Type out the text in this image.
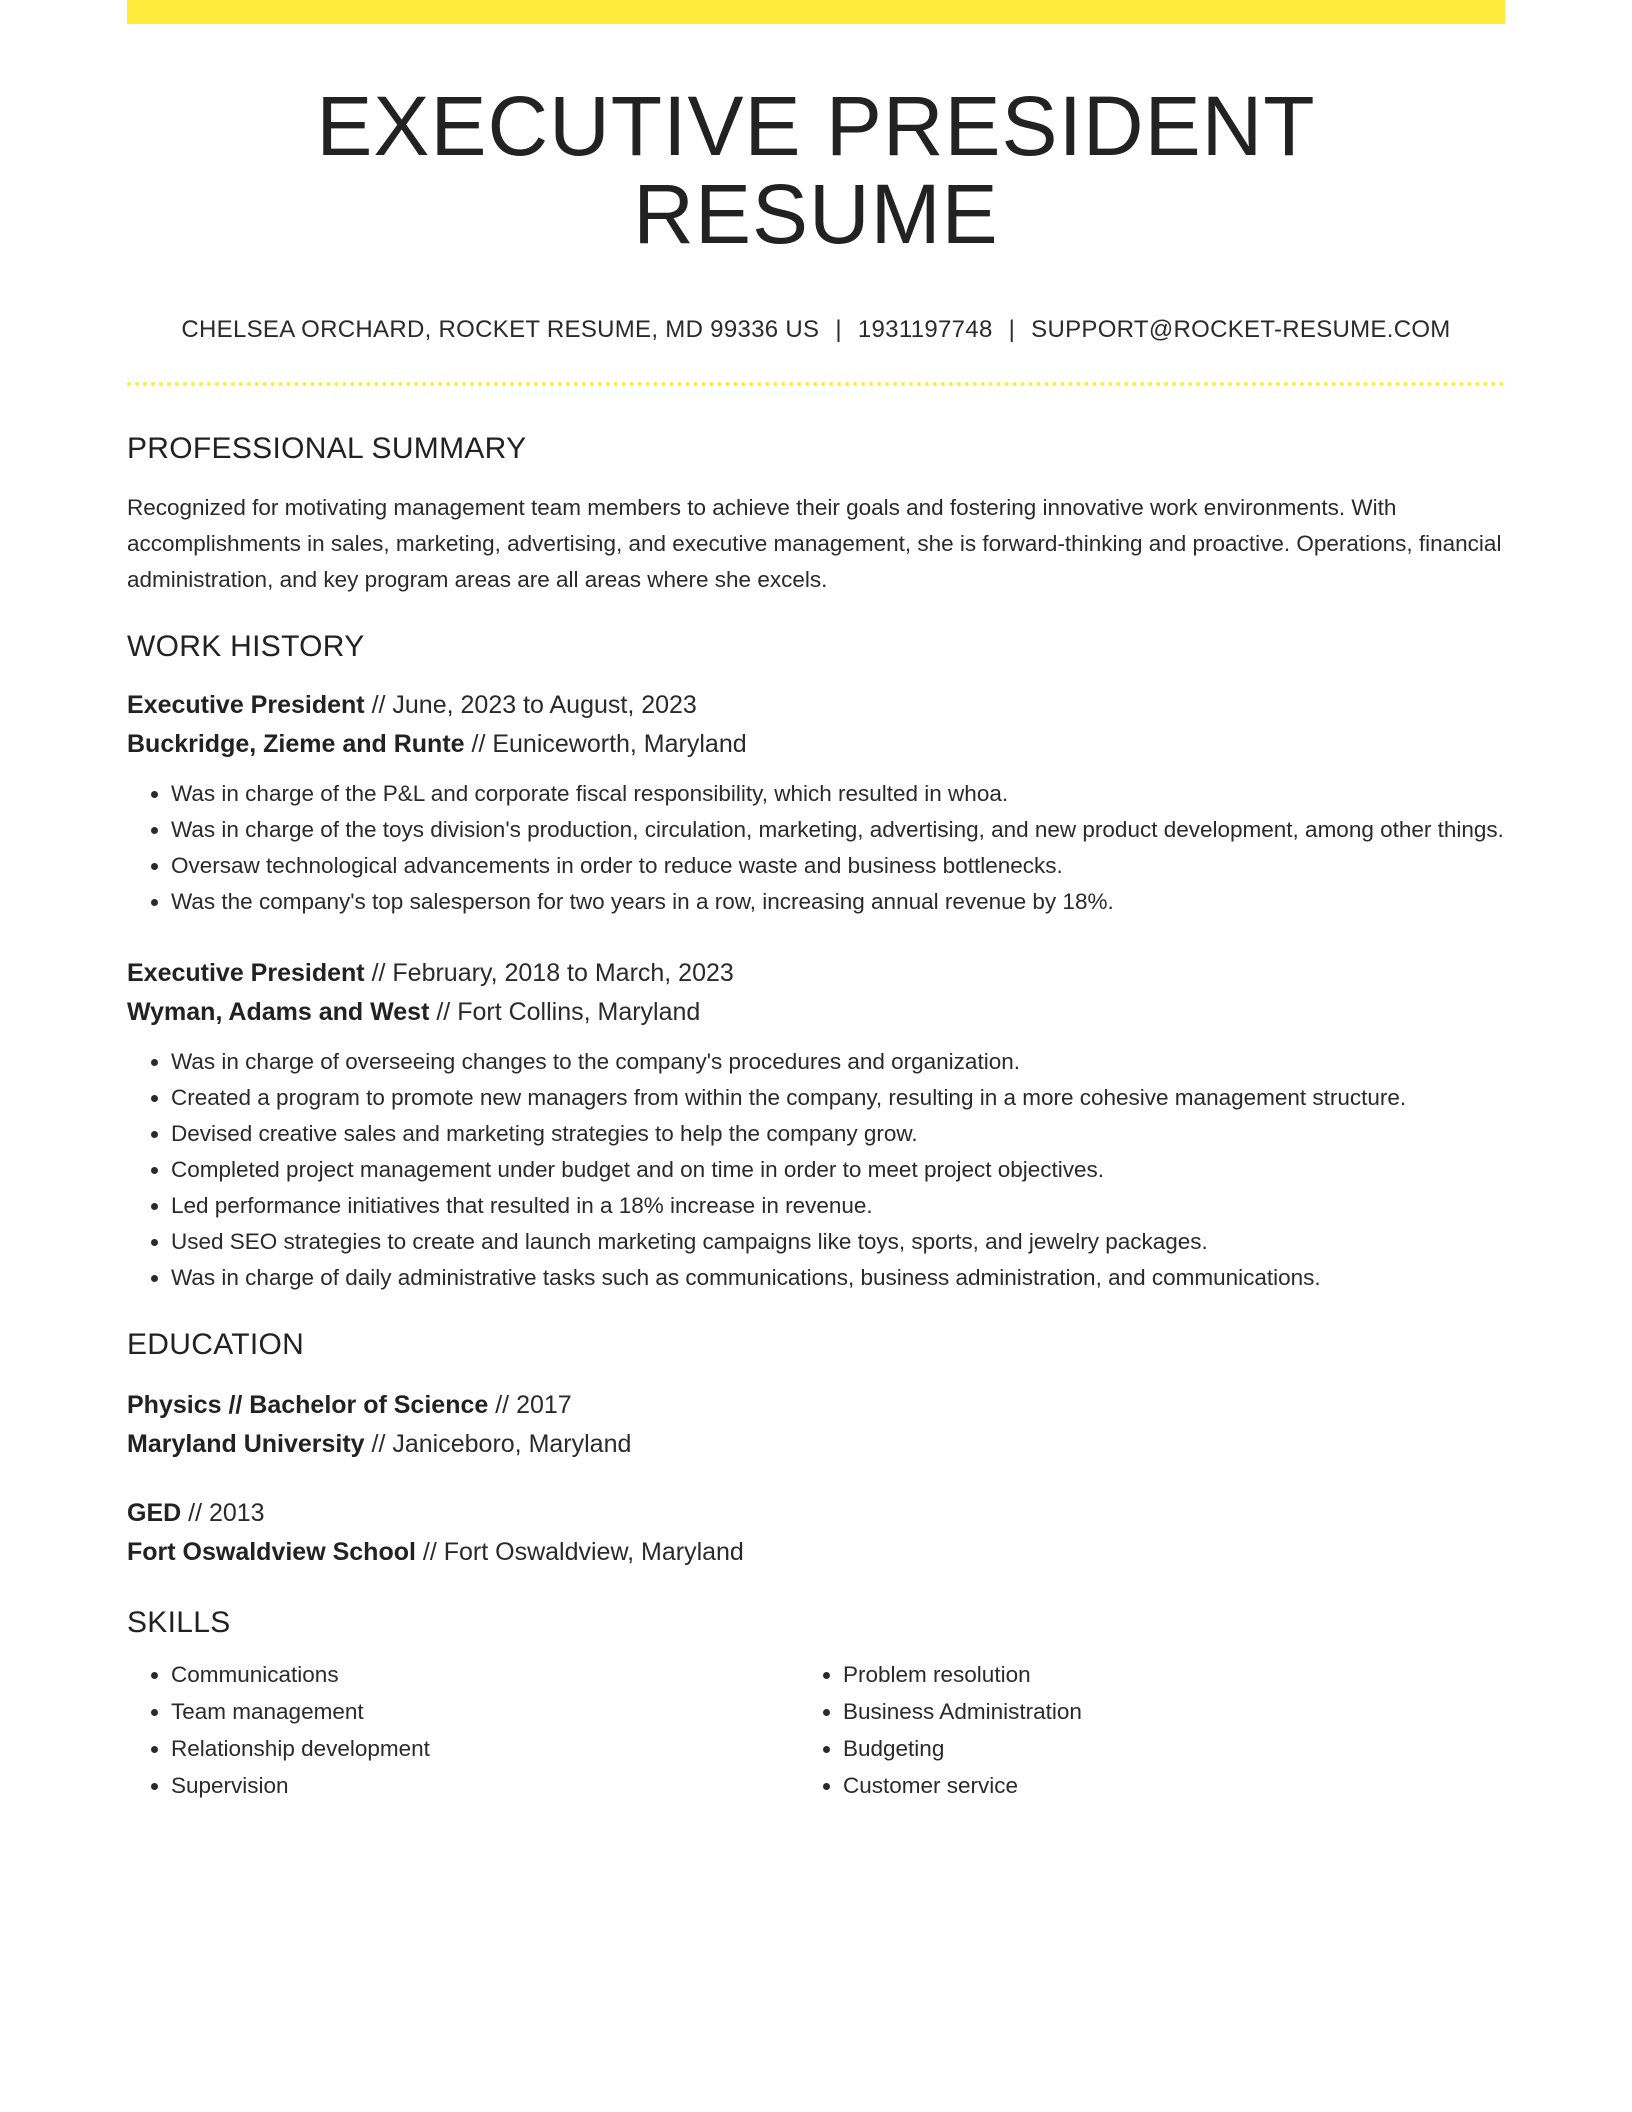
EXECUTIVE PRESIDENT RESUME
CHELSEA ORCHARD, ROCKET RESUME, MD 99336 US | 1931197748 | SUPPORT@ROCKET-RESUME.COM
PROFESSIONAL SUMMARY

Recognized for motivating management team members to achieve their goals and fostering innovative work environments. With accomplishments in sales, marketing, advertising, and executive management, she is forward-thinking and proactive. Operations, financial administration, and key program areas are all areas where she excels.

WORK HISTORY
Executive President // June, 2023 to August, 2023
Buckridge, Zieme and Runte // Euniceworth, Maryland
• Was in charge of the P&L and corporate fiscal responsibility, which resulted in whoa.
• Was in charge of the toys division's production, circulation, marketing, advertising, and new product development, among other things.
• Oversaw technological advancements in order to reduce waste and business bottlenecks.
• Was the company's top salesperson for two years in a row, increasing annual revenue by 18%.
Executive President // February, 2018 to March, 2023
Wyman, Adams and West // Fort Collins, Maryland
• Was in charge of overseeing changes to the company's procedures and organization.
• Created a program to promote new managers from within the company, resulting in a more cohesive management structure.
• Devised creative sales and marketing strategies to help the company grow.
• Completed project management under budget and on time in order to meet project objectives.
• Led performance initiatives that resulted in a 18% increase in revenue.
• Used SEO strategies to create and launch marketing campaigns like toys, sports, and jewelry packages.
• Was in charge of daily administrative tasks such as communications, business administration, and communications.
EDUCATION
Physics // Bachelor of Science // 2017
Maryland University // Janiceboro, Maryland
GED // 2013
Fort Oswaldview School // Fort Oswaldview, Maryland
SKILLS
• Communications
• Team management
• Relationship development
• Supervision
• Problem resolution
• Business Administration
• Budgeting
• Customer service
